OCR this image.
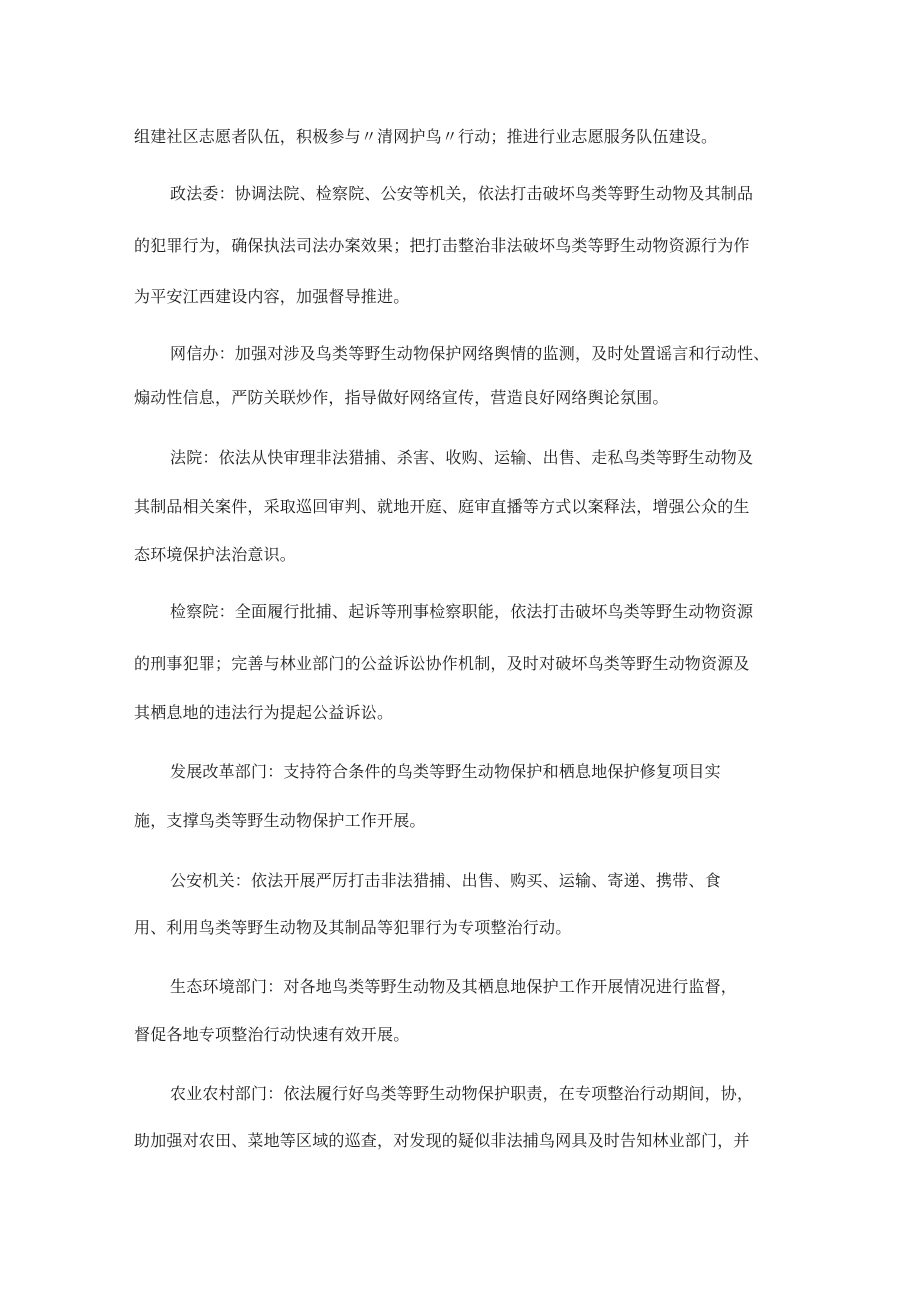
组建社区志愿者队伍，积极参与〃清网护鸟〃行动；推进行业志愿服务队伍建设。
政法委：协调法院、检察院、公安等机关，依法打击破坏鸟类等野生动物及其制品
的犯罪行为，确保执法司法办案效果；把打击整治非法破坏鸟类等野生动物资源行为作
为平安江西建设内容，加强督导推进。
网信办：加强对涉及鸟类等野生动物保护网络舆情的监测，及时处置谣言和行动性、
煽动性信息，严防关联炒作，指导做好网络宣传，营造良好网络舆论氛围。
法院：依法从快审理非法猎捕、杀害、收购、运输、出售、走私鸟类等野生动物及
其制品相关案件，采取巡回审判、就地开庭、庭审直播等方式以案释法，增强公众的生
态环境保护法治意识。
检察院：全面履行批捕、起诉等刑事检察职能，依法打击破坏鸟类等野生动物资源
的刑事犯罪；完善与林业部门的公益诉讼协作机制，及时对破坏鸟类等野生动物资源及
其栖息地的违法行为提起公益诉讼。
发展改革部门：支持符合条件的鸟类等野生动物保护和栖息地保护修复项目实
施，支撑鸟类等野生动物保护工作开展。
公安机关：依法开展严厉打击非法猎捕、出售、购买、运输、寄递、携带、食
用、利用鸟类等野生动物及其制品等犯罪行为专项整治行动。
生态环境部门：对各地鸟类等野生动物及其栖息地保护工作开展情况进行监督，
督促各地专项整治行动快速有效开展。
农业农村部门：依法履行好鸟类等野生动物保护职责，在专项整治行动期间，协，
助加强对农田、菜地等区域的巡查，对发现的疑似非法捕鸟网具及时告知林业部门，并
